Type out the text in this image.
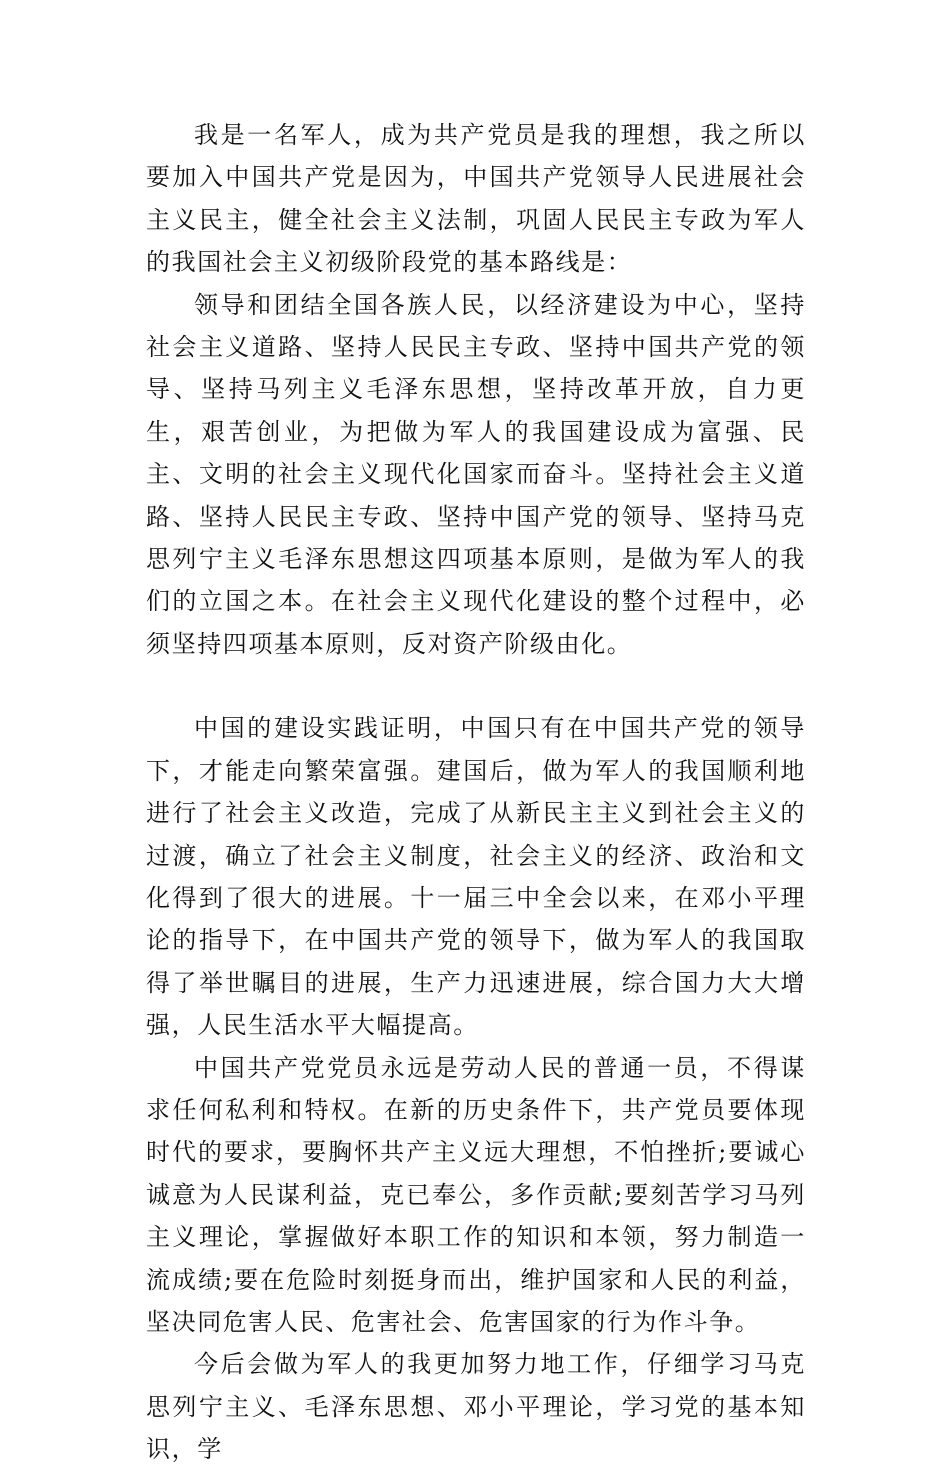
我是一名军人，成为共产党员是我的理想，我之所以要加入中国共产党是因为，中国共产党领导人民进展社会主义民主，健全社会主义法制，巩固人民民主专政为军人的我国社会主义初级阶段党的基本路线是：

领导和团结全国各族人民，以经济建设为中心，坚持社会主义道路、坚持人民民主专政、坚持中国共产党的领导、坚持马列主义毛泽东思想，坚持改革开放，自力更生，艰苦创业，为把做为军人的我国建设成为富强、民主、文明的社会主义现代化国家而奋斗。坚持社会主义道路、坚持人民民主专政、坚持中国产党的领导、坚持马克思列宁主义毛泽东思想这四项基本原则，是做为军人的我们的立国之本。在社会主义现代化建设的整个过程中，必须坚持四项基本原则，反对资产阶级由化。

中国的建设实践证明，中国只有在中国共产党的领导下，才能走向繁荣富强。建国后，做为军人的我国顺利地进行了社会主义改造，完成了从新民主主义到社会主义的过渡，确立了社会主义制度，社会主义的经济、政治和文化得到了很大的进展。十一届三中全会以来，在邓小平理论的指导下，在中国共产党的领导下，做为军人的我国取得了举世瞩目的进展，生产力迅速进展，综合国力大大增强，人民生活水平大幅提高。

中国共产党党员永远是劳动人民的普通一员，不得谋求任何私利和特权。在新的历史条件下，共产党员要体现时代的要求，要胸怀共产主义远大理想，不怕挫折;要诚心诚意为人民谋利益，克已奉公，多作贡献;要刻苦学习马列主义理论，掌握做好本职工作的知识和本领，努力制造一流成绩;要在危险时刻挺身而出，维护国家和人民的利益，坚决同危害人民、危害社会、危害国家的行为作斗争。

今后会做为军人的我更加努力地工作，仔细学习马克思列宁主义、毛泽东思想、邓小平理论，学习党的基本知识，学
